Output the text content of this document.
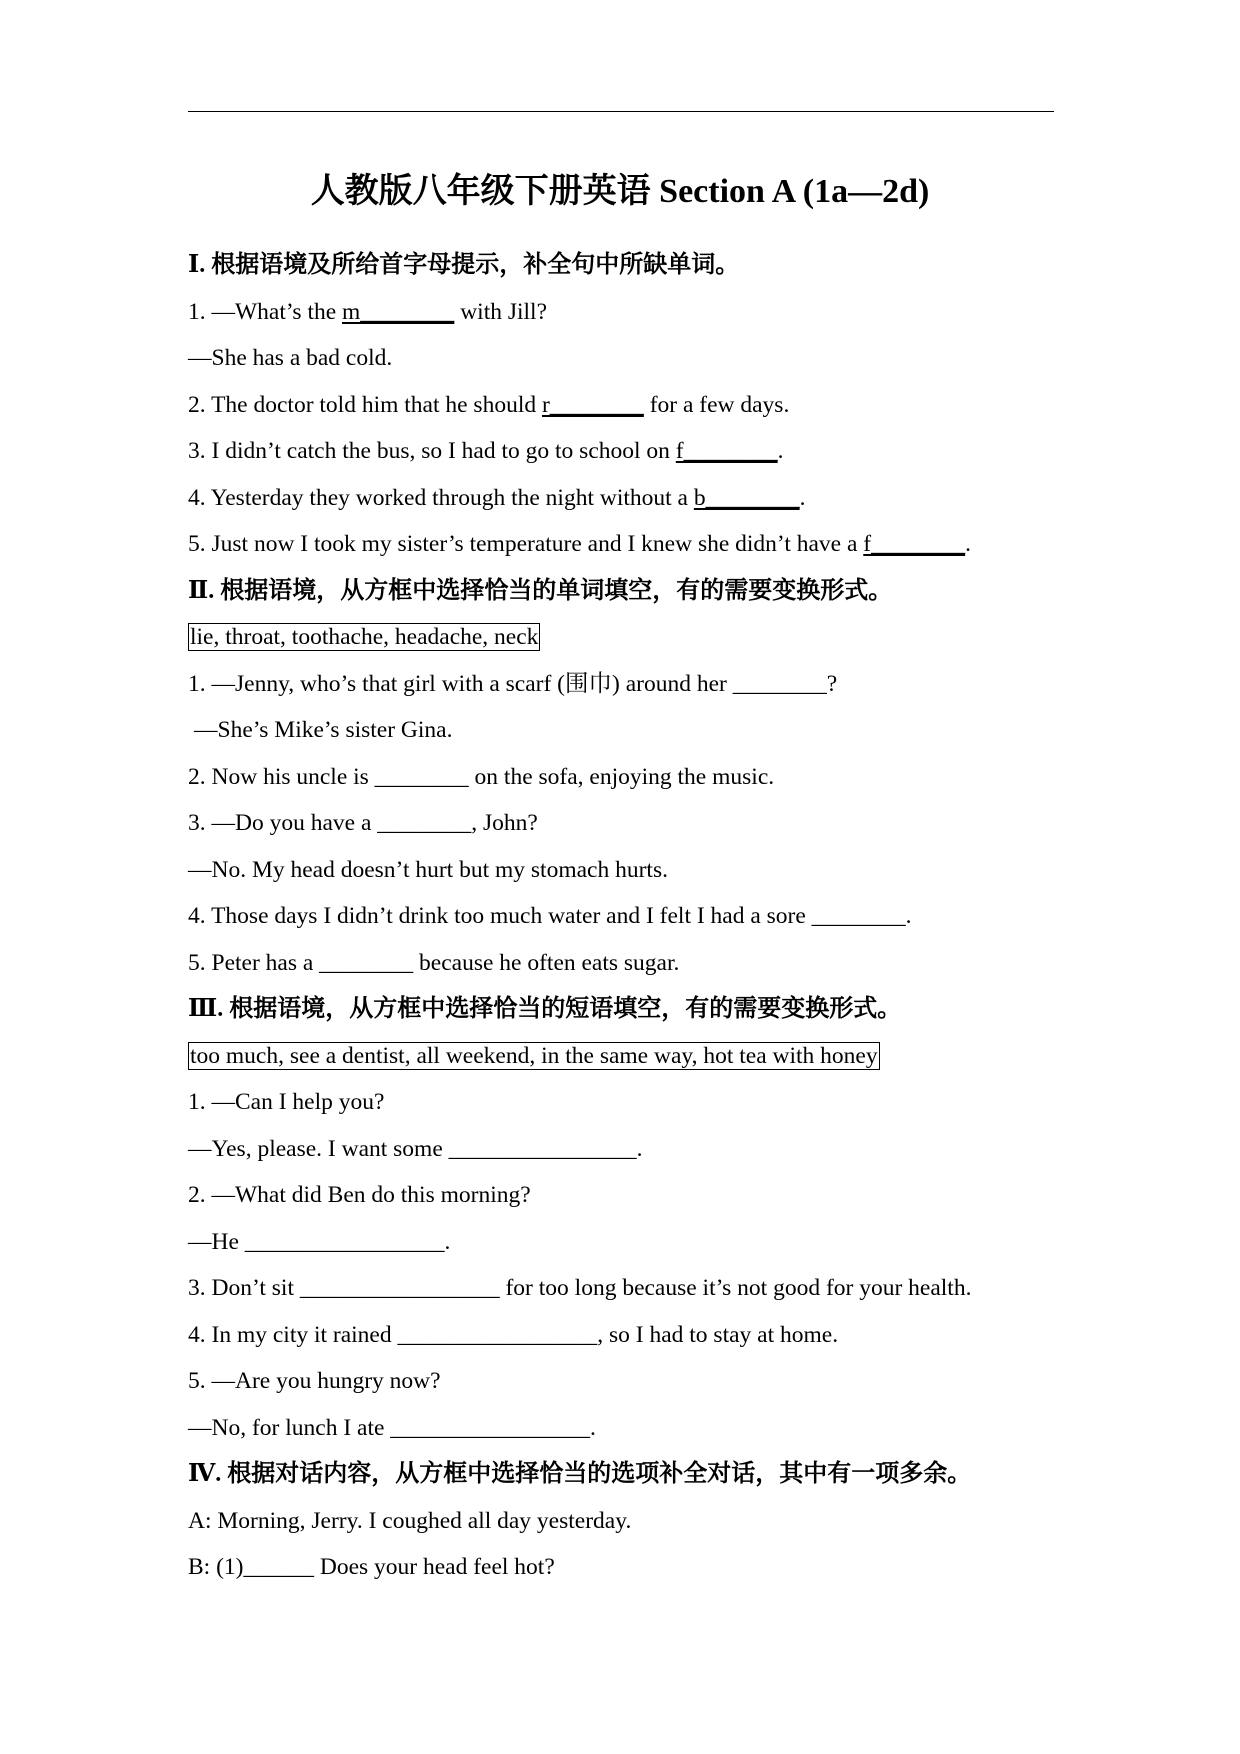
人教版八年级下册英语 Section A (1a—2d)
Ⅰ. 根据语境及所给首字母提示，补全句中所缺单词。
1. —What’s the m________ with Jill?
—She has a bad cold.
2. The doctor told him that he should r________ for a few days.
3. I didn’t catch the bus, so I had to go to school on f________.
4. Yesterday they worked through the night without a b________.
5. Just now I took my sister’s temperature and I knew she didn’t have a f________.
Ⅱ. 根据语境，从方框中选择恰当的单词填空，有的需要变换形式。
lie, throat, toothache, headache, neck
1. —Jenny, who’s that girl with a scarf (围巾) around her ________?
—She’s Mike’s sister Gina.
2. Now his uncle is ________ on the sofa, enjoying the music.
3. —Do you have a ________, John?
—No. My head doesn’t hurt but my stomach hurts.
4. Those days I didn’t drink too much water and I felt I had a sore ________.
5. Peter has a ________ because he often eats sugar.
Ⅲ. 根据语境，从方框中选择恰当的短语填空，有的需要变换形式。
too much, see a dentist, all weekend, in the same way, hot tea with honey
1. —Can I help you?
—Yes, please. I want some ________________.
2. —What did Ben do this morning?
—He _________________.
3. Don’t sit _________________ for too long because it’s not good for your health.
4. In my city it rained _________________, so I had to stay at home.
5. —Are you hungry now?
—No, for lunch I ate _________________.
Ⅳ. 根据对话内容，从方框中选择恰当的选项补全对话，其中有一项多余。
A: Morning, Jerry. I coughed all day yesterday.
B: (1)______ Does your head feel hot?
